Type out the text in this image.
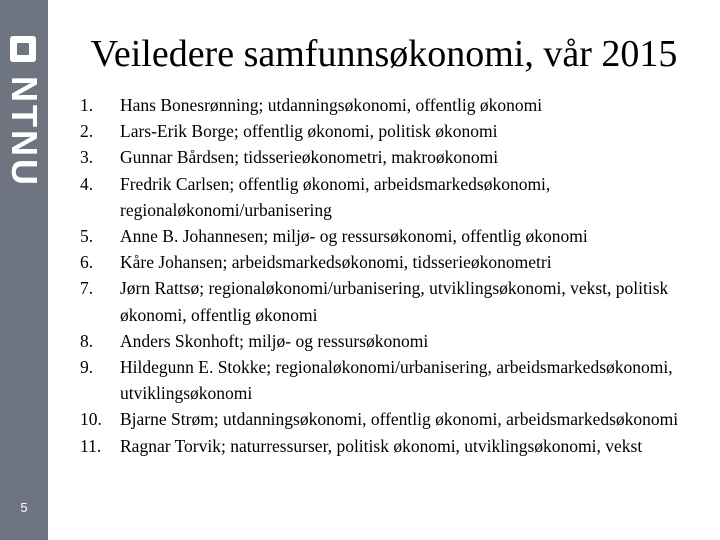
NTNU
5
Veiledere samfunnsøkonomi, vår 2015
1.	Hans Bonesrønning; utdanningsøkonomi, offentlig økonomi
2.	Lars-Erik Borge; offentlig økonomi, politisk økonomi
3.	Gunnar Bårdsen; tidsserieøkonometri, makroøkonomi
4.	Fredrik Carlsen; offentlig økonomi, arbeidsmarkedsøkonomi, regionaløkonomi/urbanisering
5.	Anne B. Johannesen; miljø- og ressursøkonomi, offentlig økonomi
6.	Kåre Johansen; arbeidsmarkedsøkonomi, tidsserieøkonometri
7.	Jørn Rattsø; regionaløkonomi/urbanisering, utviklingsøkonomi, vekst, politisk økonomi, offentlig økonomi
8.	Anders Skonhoft; miljø- og ressursøkonomi
9.	Hildegunn E. Stokke; regionaløkonomi/urbanisering, arbeidsmarkedsøkonomi, utviklingsøkonomi
10.	Bjarne Strøm; utdanningsøkonomi, offentlig økonomi, arbeidsmarkedsøkonomi
11.	Ragnar Torvik; naturressurser, politisk økonomi, utviklingsøkonomi, vekst
